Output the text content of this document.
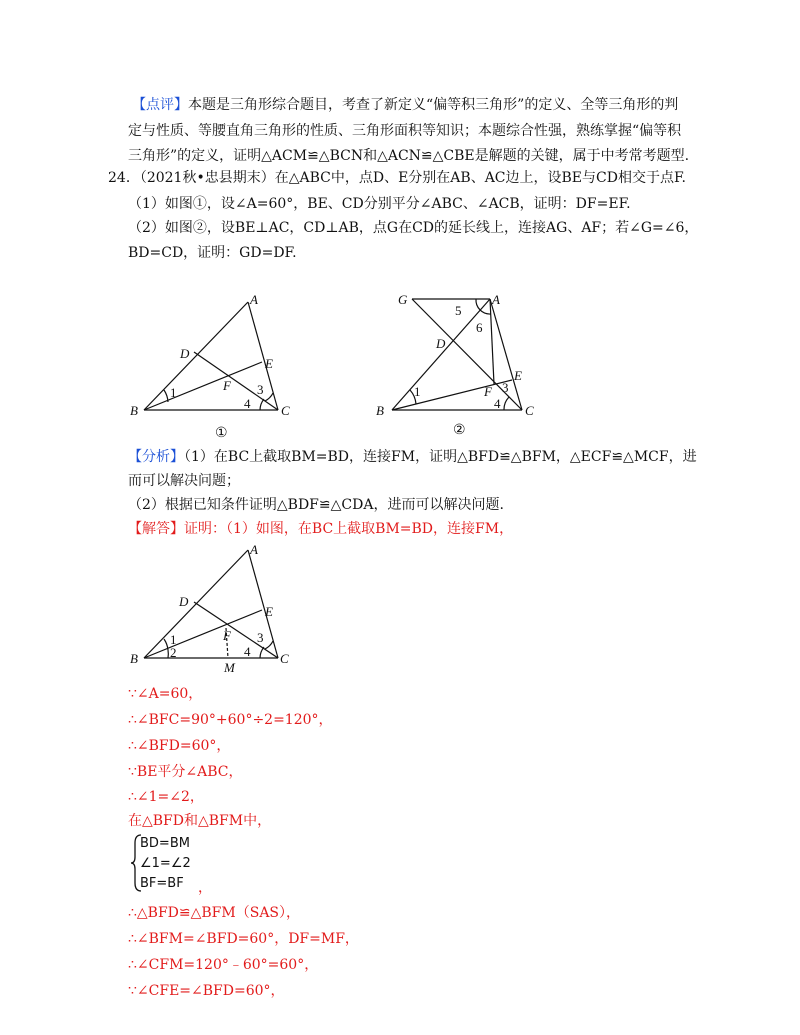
【点评】本题是三角形综合题目，考查了新定义“偏等积三角形”的定义、全等三角形的判
定与性质、等腰直角三角形的性质、三角形面积等知识；本题综合性强，熟练掌握“偏等积
三角形”的定义，证明△ACM≌△BCN和△ACN≌△CBE是解题的关键，属于中考常考题型.
24．（2021秋•忠县期末）在△ABC中，点D、E分别在AB、AC边上，设BE与CD相交于点F.
（1）如图①，设∠A=60°，BE、CD分别平分∠ABC、∠ACB，证明：DF=EF.
（2）如图②，设BE⊥AC，CD⊥AB，点G在CD的延长线上，连接AG、AF；若∠G=∠6，
BD=CD，证明：GD=DF.
A
B	C
D
E
F
1	3
4
①
G	A
B	C
D
E
F
1	3
4
5
6
②
【分析】（1）在BC上截取BM=BD，连接FM，证明△BFD≌△BFM，△ECF≌△MCF，进
而可以解决问题；
（2）根据已知条件证明△BDF≌△CDA，进而可以解决问题.
【解答】证明：（1）如图，在BC上截取BM=BD，连接FM，
A
B	C
D
E
F
M
1
2
3
4
∵∠A=60，
∴∠BFC=90°+60°÷2=120°，
∴∠BFD=60°，
∵BE平分∠ABC，
∴∠1=∠2，
在△BFD和△BFM中，
BD=BM
∠1=∠2
BF=BF ，
∴△BFD≌△BFM（SAS），
∴∠BFM=∠BFD=60°，DF=MF，
∴∠CFM=120°﹣60°=60°，
∵∠CFE=∠BFD=60°，
